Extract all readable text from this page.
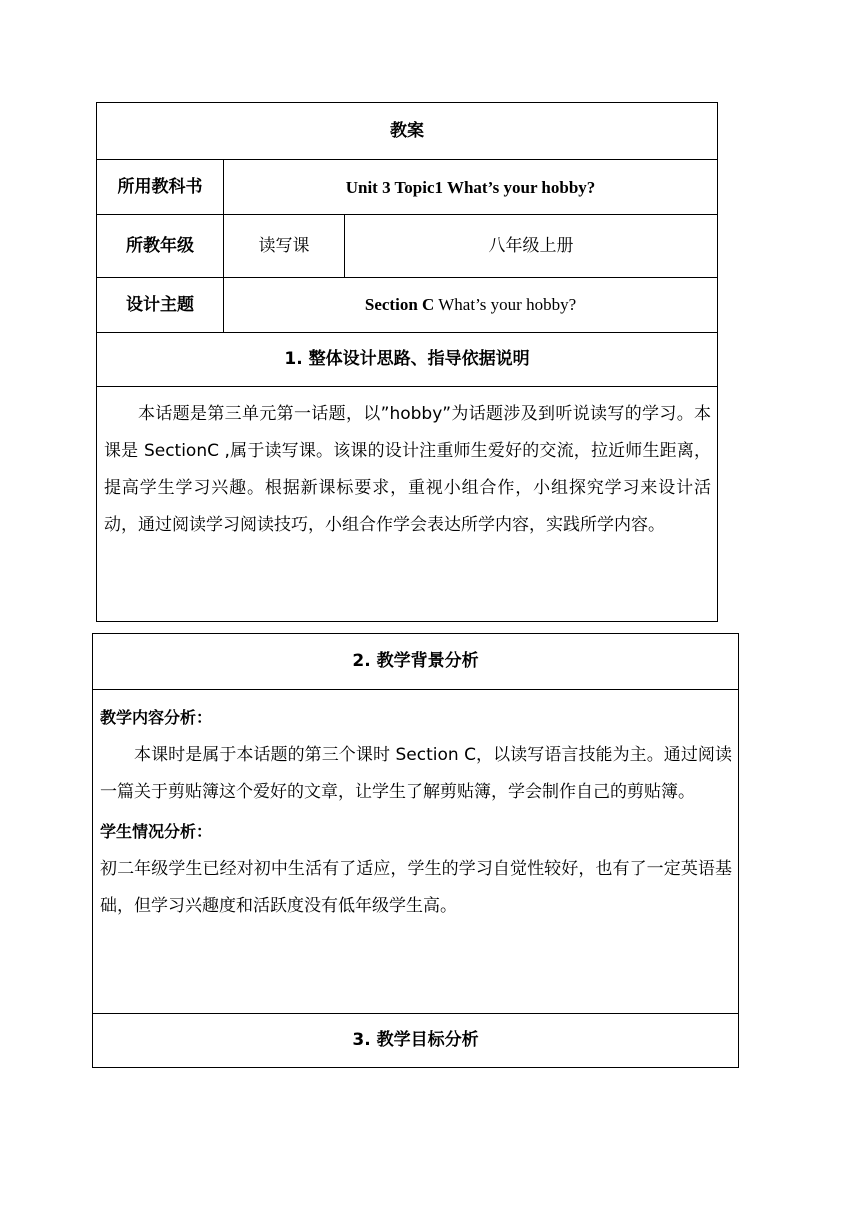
教案		
所用教科书	Unit 3 Topic1 What’s your hobby?	
所教年级	读写课	八年级上册
设计主题	Section C What’s your hobby?	
1. 整体设计思路、指导依据说明		

本话题是第三单元第一话题，以”hobby”为话题涉及到听说读写的学习。本课是 SectionC ,属于读写课。该课的设计注重师生爱好的交流，拉近师生距离，提高学生学习兴趣。根据新课标要求，重视小组合作，小组探究学习来设计活动，通过阅读学习阅读技巧，小组合作学会表达所学内容，实践所学内容。		

2. 教学背景分析

教学内容分析：

本课时是属于本话题的第三个课时 Section C，以读写语言技能为主。通过阅读一篇关于剪贴簿这个爱好的文章，让学生了解剪贴簿，学会制作自己的剪贴簿。

学生情况分析：

初二年级学生已经对初中生活有了适应，学生的学习自觉性较好，也有了一定英语基础，但学习兴趣度和活跃度没有低年级学生高。

3. 教学目标分析
